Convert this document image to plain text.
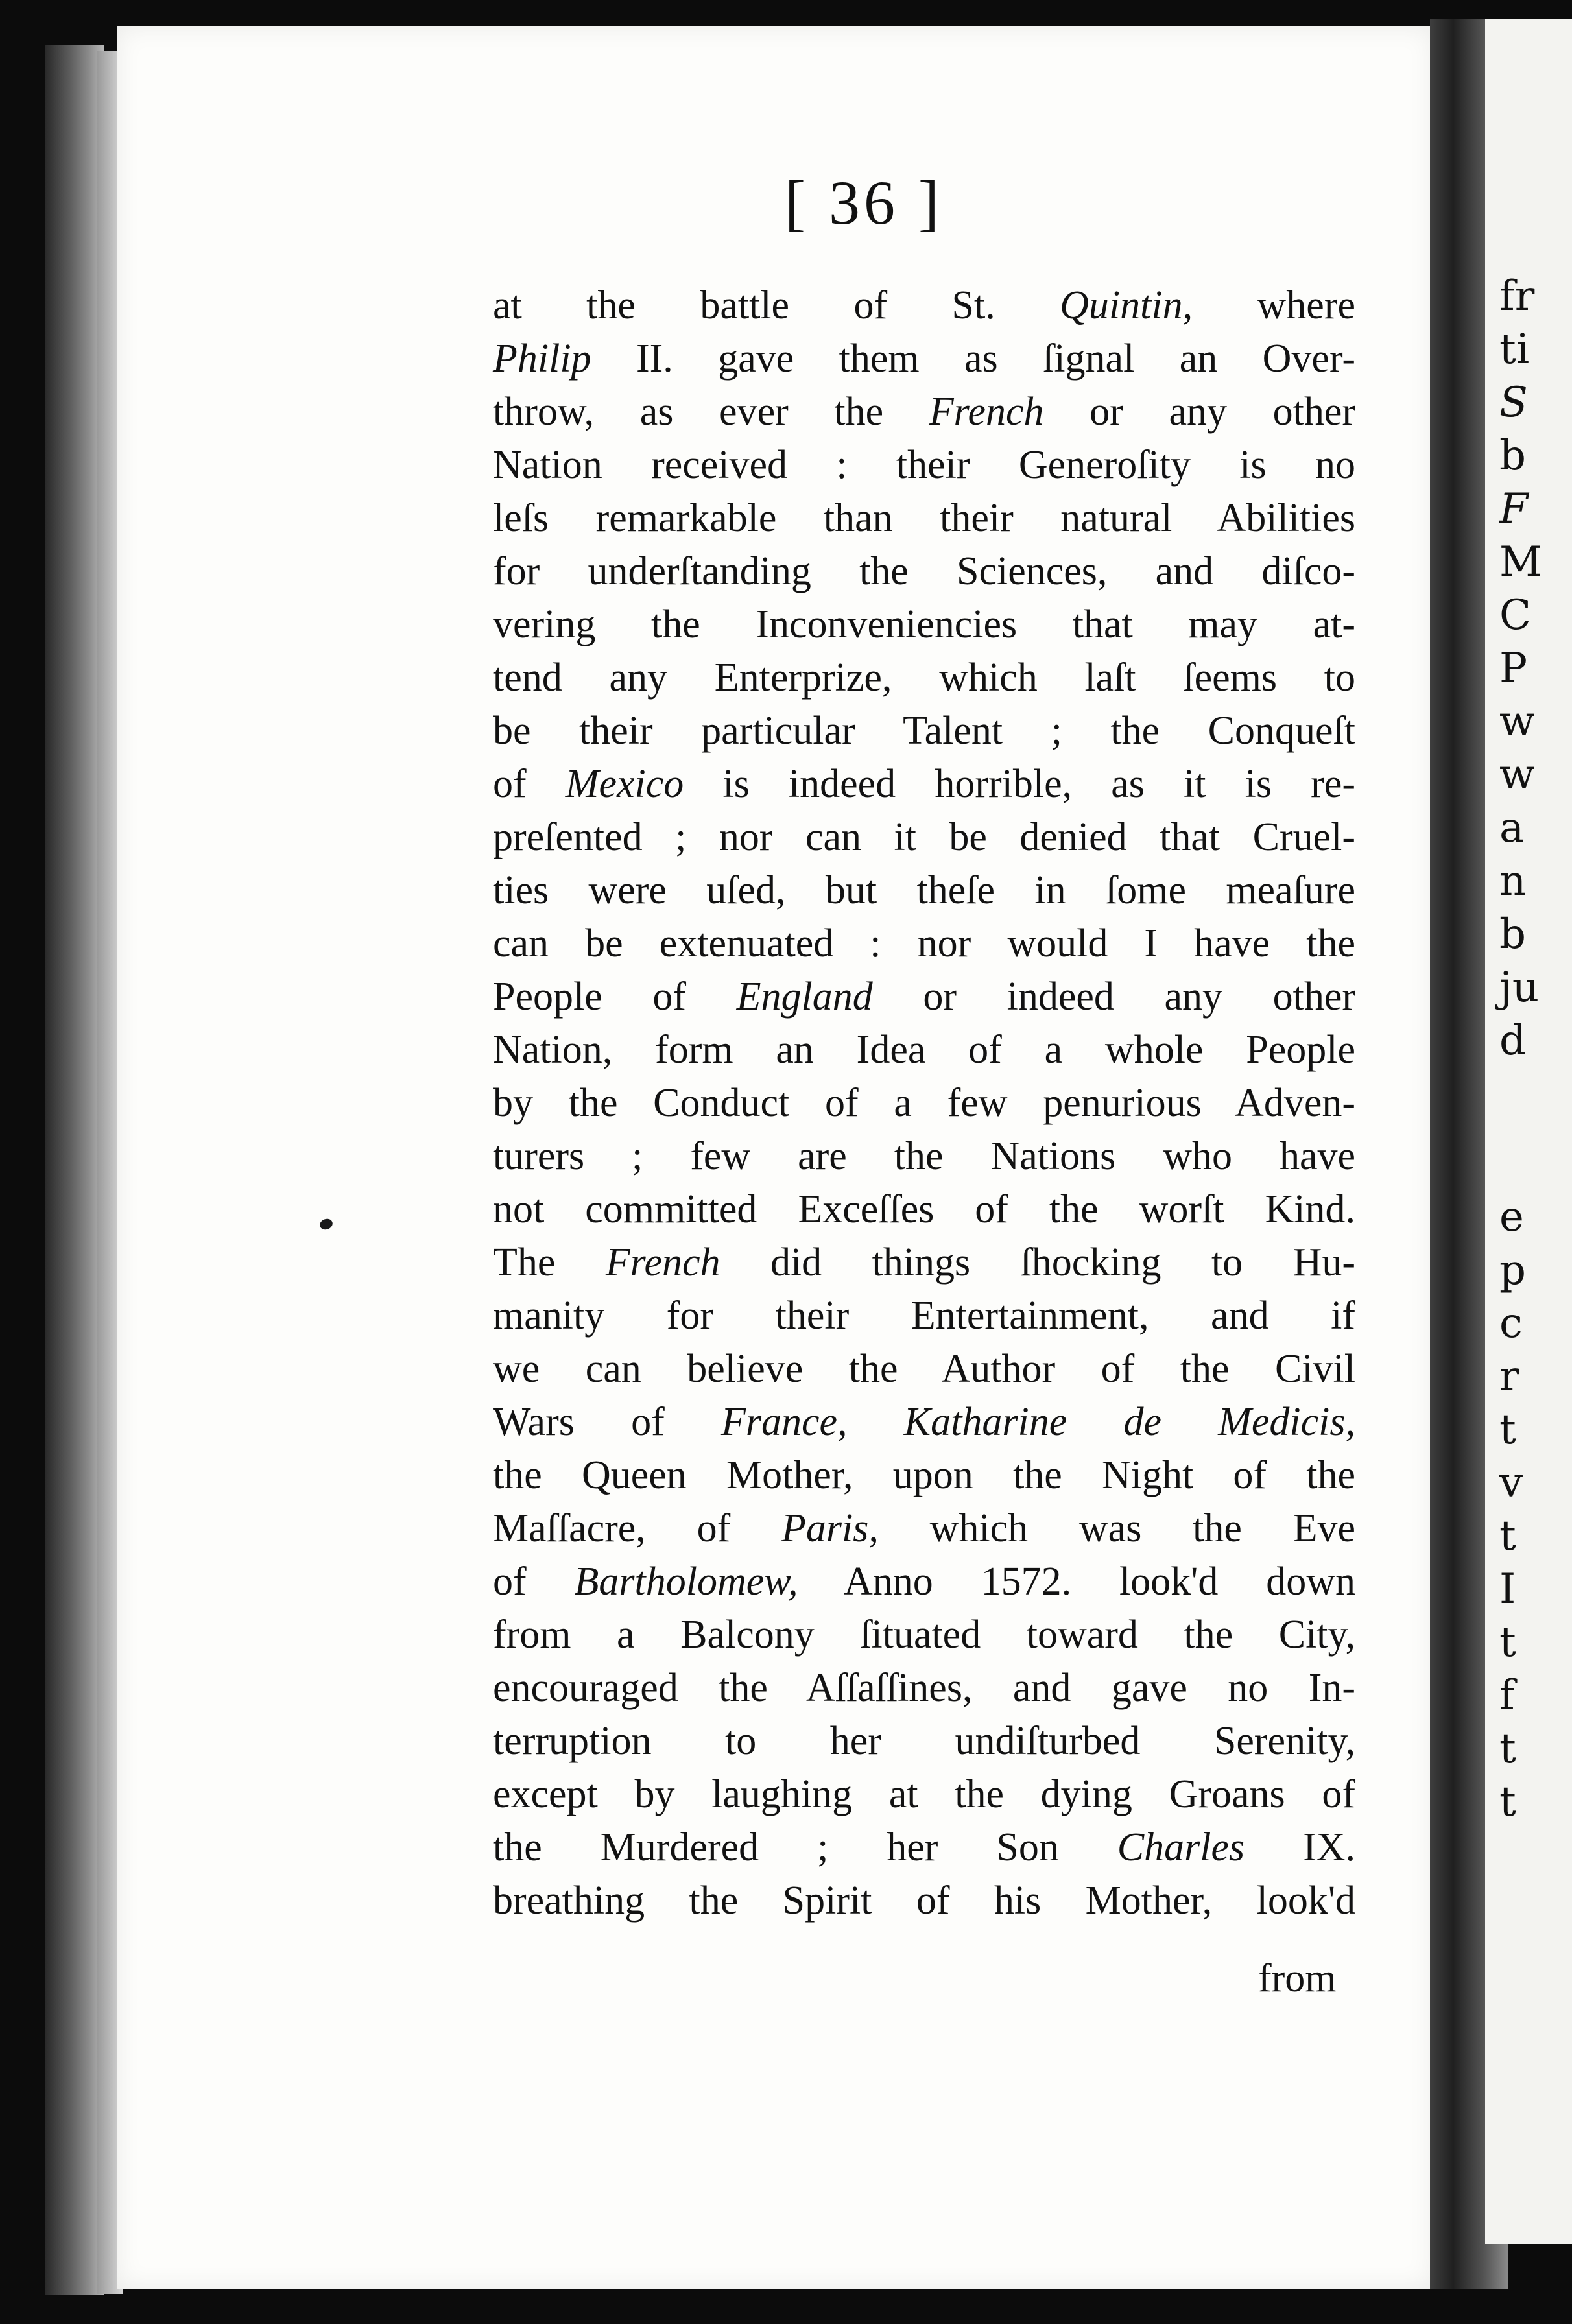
fr
ti
S
b
F
M
C
P
w
w
a
n
b
ju
d
e
p
c
r
t
v
t
I
t
f
t
t
[ 36 ]
at the battle of St. Quintin, where
Philip II. gave them as ſignal an Over-
throw, as ever the French or any other
Nation received : their Generoſity is no
leſs remarkable than their natural Abilities
for underſtanding the Sciences, and diſco-
vering the Inconveniencies that may at-
tend any Enterprize, which laſt ſeems to
be their particular Talent ; the Conqueſt
of Mexico is indeed horrible, as it is re-
preſented ; nor can it be denied that Cruel-
ties were uſed, but theſe in ſome meaſure
can be extenuated : nor would I have the
People of England or indeed any other
Nation, form an Idea of a whole People
by the Conduct of a few penurious Adven-
turers ; few are the Nations who have
not committed Exceſſes of the worſt Kind.
The French did things ſhocking to Hu-
manity for their Entertainment, and if
we can believe the Author of the Civil
Wars of France, Katharine de Medicis,
the Queen Mother, upon the Night of the
Maſſacre, of Paris, which was the Eve
of Bartholomew, Anno 1572. look'd down
from a Balcony ſituated toward the City,
encouraged the Aſſaſſines, and gave no In-
terruption to her undiſturbed Serenity,
except by laughing at the dying Groans of
the Murdered ; her Son Charles IX.
breathing the Spirit of his Mother, look'd
from
